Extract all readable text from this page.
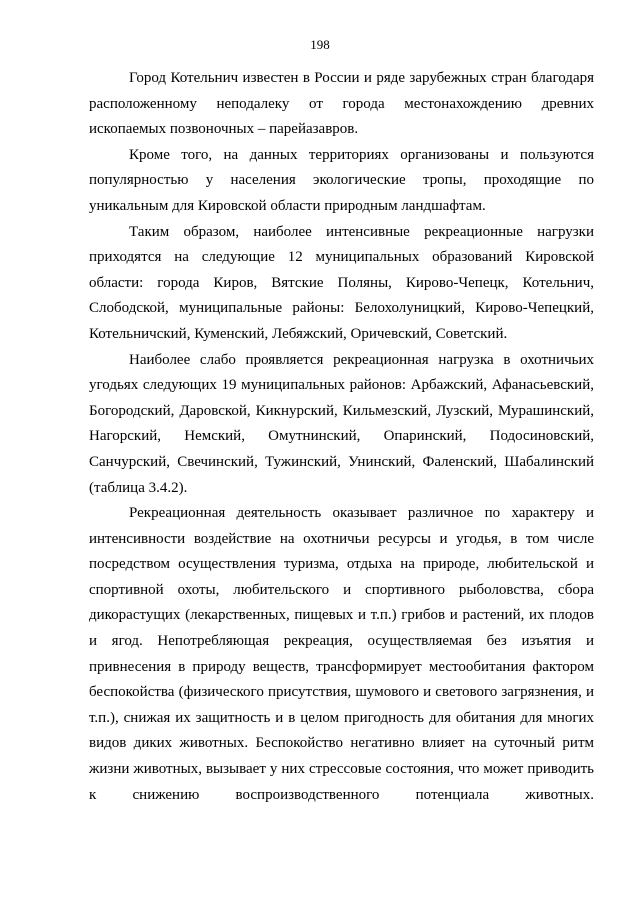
198

Город Котельнич известен в России и ряде зарубежных стран благодаря расположенному неподалеку от города местонахождению древних ископаемых позвоночных – парейазавров.

Кроме того, на данных территориях организованы и пользуются популярностью у населения экологические тропы, проходящие по уникальным для Кировской области природным ландшафтам.

Таким образом, наиболее интенсивные рекреационные нагрузки приходятся на следующие 12 муниципальных образований Кировской области: города Киров, Вятские Поляны, Кирово-Чепецк, Котельнич, Слободской, муниципальные районы: Белохолуницкий, Кирово-Чепецкий, Котельничский, Куменский, Лебяжский, Оричевский, Советский.

Наиболее слабо проявляется рекреационная нагрузка в охотничьих угодьях следующих 19 муниципальных районов: Арбажский, Афанасьевский, Богородский, Даровской, Кикнурский, Кильмезский, Лузский, Мурашинский, Нагорский, Немский, Омутнинский, Опаринский, Подосиновский, Санчурский, Свечинский, Тужинский, Унинский, Фаленский, Шабалинский (таблица 3.4.2).

Рекреационная деятельность оказывает различное по характеру и интенсивности воздействие на охотничьи ресурсы и угодья, в том числе посредством осуществления туризма, отдыха на природе, любительской и спортивной охоты, любительского и спортивного рыболовства, сбора дикорастущих (лекарственных, пищевых и т.п.) грибов и растений, их плодов и ягод. Непотребляющая рекреация, осуществляемая без изъятия и привнесения в природу веществ, трансформирует местообитания фактором беспокойства (физического присутствия, шумового и светового загрязнения, и т.п.), снижая их защитность и в целом пригодность для обитания для многих видов диких животных. Беспокойство негативно влияет на суточный ритм жизни животных, вызывает у них стрессовые состояния, что может приводить к снижению воспроизводственного потенциала животных.
